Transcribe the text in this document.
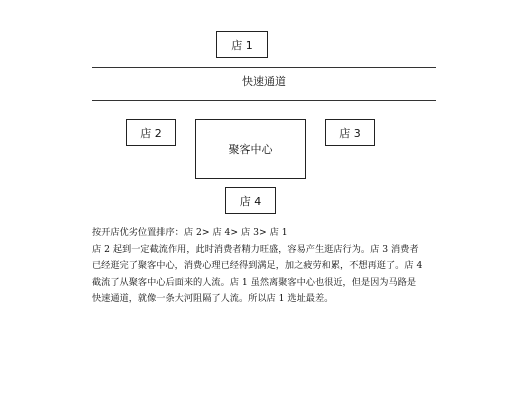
店 1
快速通道
店 2
聚客中心
店 3
店 4
按开店优劣位置排序：店 2> 店 4> 店 3> 店 1
店 2 起到一定截流作用，此时消费者精力旺盛，容易产生逛店行为。店 3 消费者
已经逛完了聚客中心，消费心理已经得到满足，加之疲劳和累，不想再逛了。店 4
截流了从聚客中心后面来的人流。店 1 虽然离聚客中心也很近，但是因为马路是
快速通道，就像一条大河阻隔了人流。所以店 1 选址最差。
